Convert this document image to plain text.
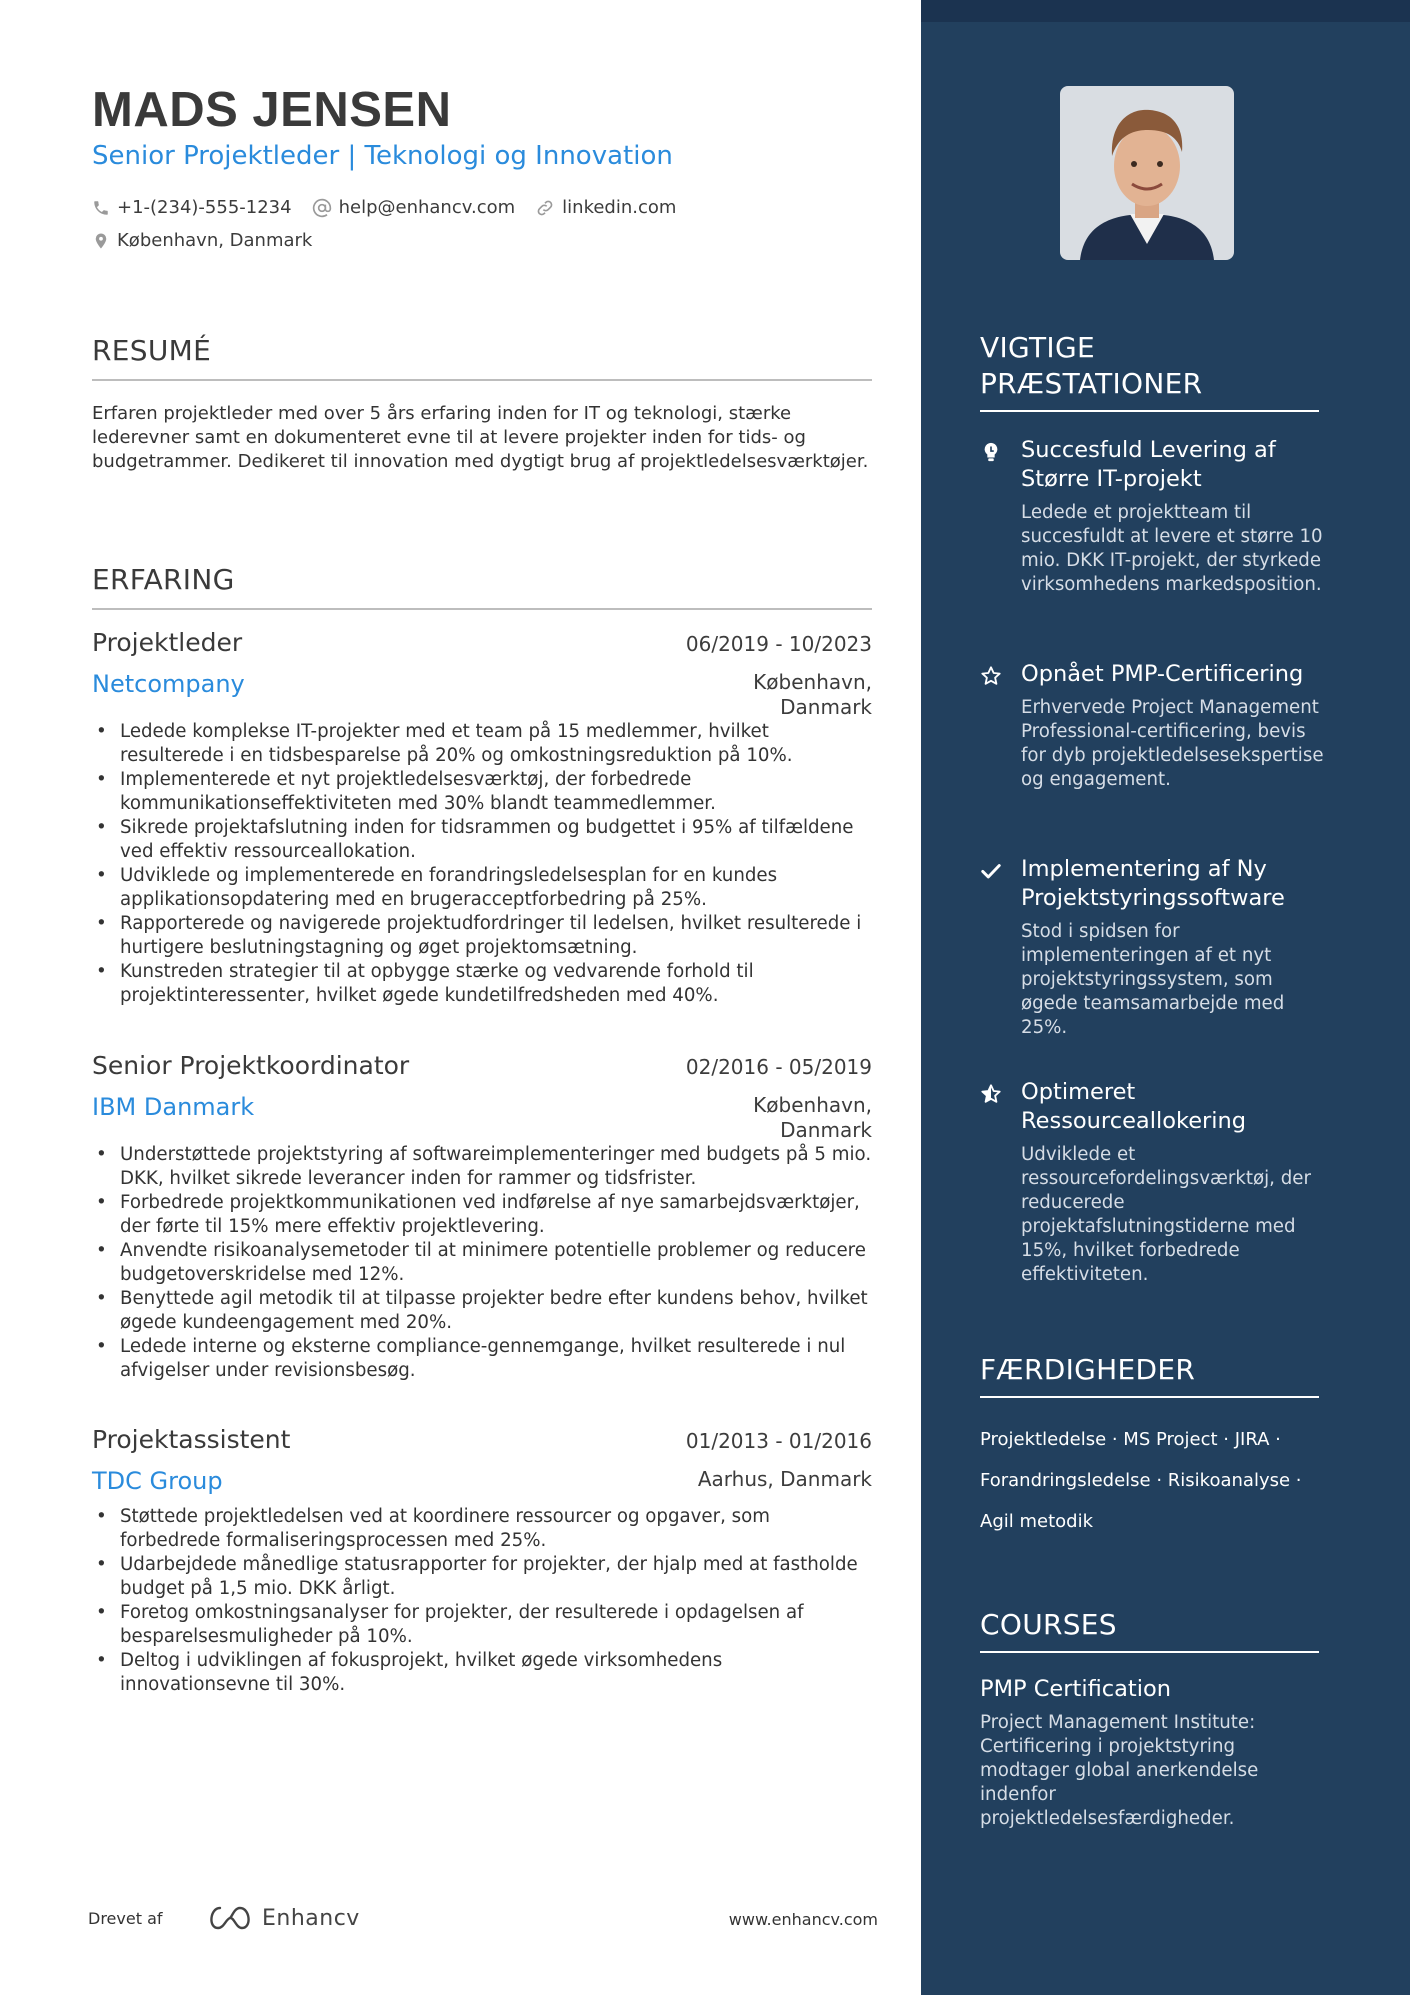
MADS JENSEN
Senior Projektleder | Teknologi og Innovation
+1-(234)-555-1234	help@enhancv.com	linkedin.com
København, Danmark
RESUMÉ
Erfaren projektleder med over 5 års erfaring inden for IT og teknologi, stærke lederevner samt en dokumenteret evne til at levere projekter inden for tids- og budgetrammer. Dedikeret til innovation med dygtigt brug af projektledelsesværktøjer.
ERFARING
Projektleder	06/2019 - 10/2023
Netcompany	København, Danmark
• Ledede komplekse IT-projekter med et team på 15 medlemmer, hvilket resulterede i en tidsbesparelse på 20% og omkostningsreduktion på 10%.
• Implementerede et nyt projektledelsesværktøj, der forbedrede kommunikationseffektiviteten med 30% blandt teammedlemmer.
• Sikrede projektafslutning inden for tidsrammen og budgettet i 95% af tilfældene ved effektiv ressourceallokation.
• Udviklede og implementerede en forandringsledelsesplan for en kundes applikationsopdatering med en brugeracceptforbedring på 25%.
• Rapporterede og navigerede projektudfordringer til ledelsen, hvilket resulterede i hurtigere beslutningstagning og øget projektomsætning.
• Kunstreden strategier til at opbygge stærke og vedvarende forhold til projektinteressenter, hvilket øgede kundetilfredsheden med 40%.
Senior Projektkoordinator	02/2016 - 05/2019
IBM Danmark	København, Danmark
• Understøttede projektstyring af softwareimplementeringer med budgets på 5 mio. DKK, hvilket sikrede leverancer inden for rammer og tidsfrister.
• Forbedrede projektkommunikationen ved indførelse af nye samarbejdsværktøjer, der førte til 15% mere effektiv projektlevering.
• Anvendte risikoanalysemetoder til at minimere potentielle problemer og reducere budgetoverskridelse med 12%.
• Benyttede agil metodik til at tilpasse projekter bedre efter kundens behov, hvilket øgede kundeengagement med 20%.
• Ledede interne og eksterne compliance-gennemgange, hvilket resulterede i nul afvigelser under revisionsbesøg.
Projektassistent	01/2013 - 01/2016
TDC Group	Aarhus, Danmark
• Støttede projektledelsen ved at koordinere ressourcer og opgaver, som forbedrede formaliseringsprocessen med 25%.
• Udarbejdede månedlige statusrapporter for projekter, der hjalp med at fastholde budget på 1,5 mio. DKK årligt.
• Foretog omkostningsanalyser for projekter, der resulterede i opdagelsen af besparelsesmuligheder på 10%.
• Deltog i udviklingen af fokusprojekt, hvilket øgede virksomhedens innovationsevne til 30%.
Drevet af	Enhancv	www.enhancv.com
VIGTIGE PRÆSTATIONER
Succesfuld Levering af Større IT-projekt
Ledede et projektteam til succesfuldt at levere et større 10 mio. DKK IT-projekt, der styrkede virksomhedens markedsposition.
Opnået PMP-Certificering
Erhvervede Project Management Professional-certificering, bevis for dyb projektledelsesekspertise og engagement.
Implementering af Ny Projektstyringssoftware
Stod i spidsen for implementeringen af et nyt projektstyringssystem, som øgede teamsamarbejde med 25%.
Optimeret Ressourceallokering
Udviklede et ressourcefordelingsværktøj, der reducerede projektafslutningstiderne med 15%, hvilket forbedrede effektiviteten.
FÆRDIGHEDER
Projektledelse · MS Project · JIRA ·
Forandringsledelse · Risikoanalyse ·
Agil metodik
COURSES
PMP Certification
Project Management Institute: Certificering i projektstyring modtager global anerkendelse indenfor projektledelsesfærdigheder.
